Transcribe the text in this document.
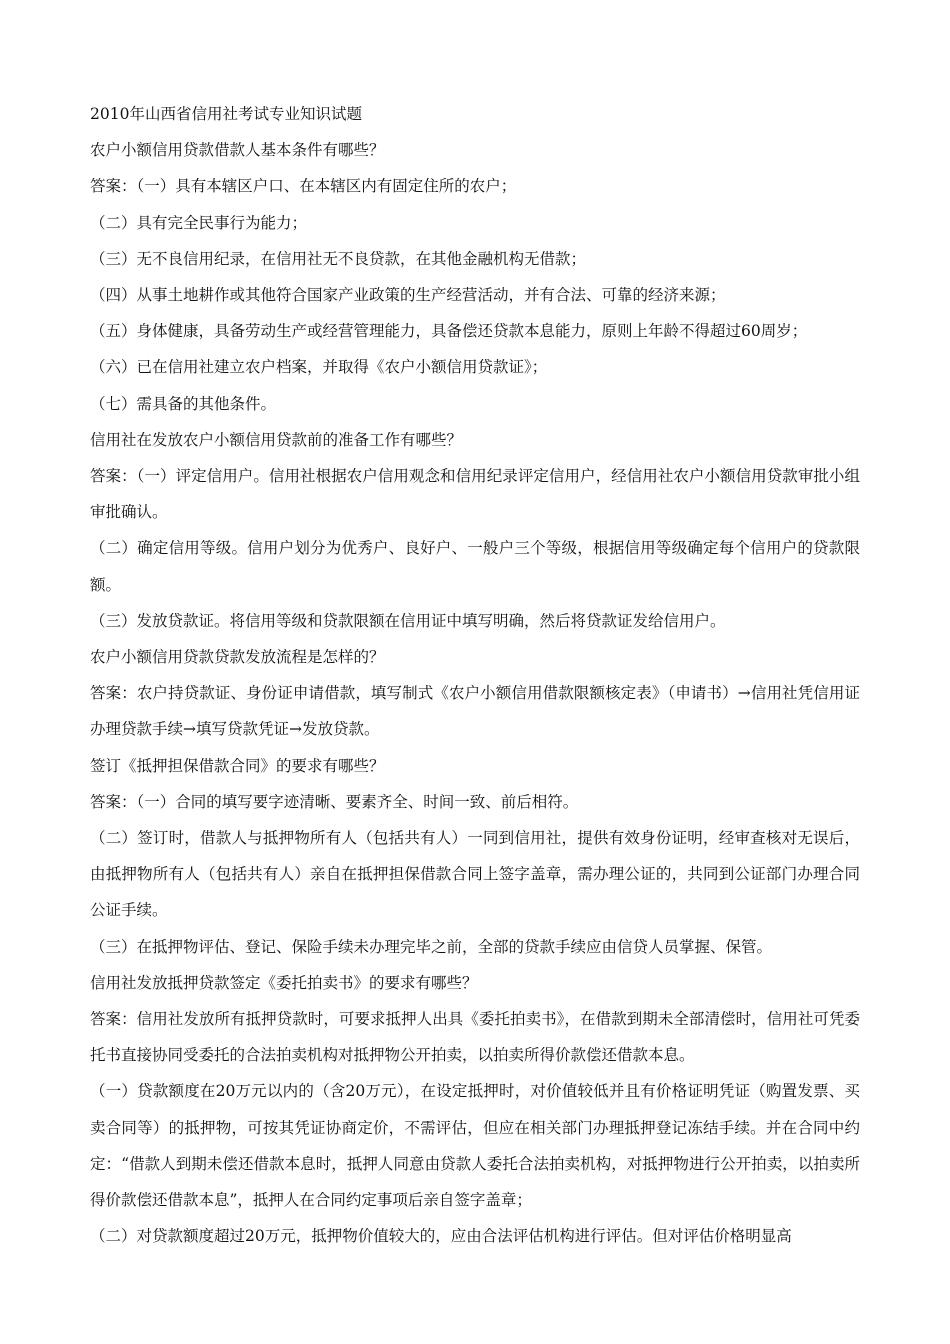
2010年山西省信用社考试专业知识试题

农户小额信用贷款借款人基本条件有哪些？

答案：（一）具有本辖区户口、在本辖区内有固定住所的农户；

（二）具有完全民事行为能力；

（三）无不良信用纪录，在信用社无不良贷款，在其他金融机构无借款；

（四）从事土地耕作或其他符合国家产业政策的生产经营活动，并有合法、可靠的经济来源；

（五）身体健康，具备劳动生产或经营管理能力，具备偿还贷款本息能力，原则上年龄不得超过60周岁；

（六）已在信用社建立农户档案，并取得《农户小额信用贷款证》；

（七）需具备的其他条件。

信用社在发放农户小额信用贷款前的准备工作有哪些？

答案：（一）评定信用户。信用社根据农户信用观念和信用纪录评定信用户，经信用社农户小额信用贷款审批小组审批确认。

（二）确定信用等级。信用户划分为优秀户、良好户、一般户三个等级，根据信用等级确定每个信用户的贷款限额。

（三）发放贷款证。将信用等级和贷款限额在信用证中填写明确，然后将贷款证发给信用户。

农户小额信用贷款贷款发放流程是怎样的？

答案：农户持贷款证、身份证申请借款，填写制式《农户小额信用借款限额核定表》（申请书）→信用社凭信用证办理贷款手续→填写贷款凭证→发放贷款。

签订《抵押担保借款合同》的要求有哪些？

答案：（一）合同的填写要字迹清晰、要素齐全、时间一致、前后相符。

（二）签订时，借款人与抵押物所有人（包括共有人）一同到信用社，提供有效身份证明，经审查核对无误后，由抵押物所有人（包括共有人）亲自在抵押担保借款合同上签字盖章，需办理公证的，共同到公证部门办理合同公证手续。

（三）在抵押物评估、登记、保险手续未办理完毕之前，全部的贷款手续应由信贷人员掌握、保管。

信用社发放抵押贷款签定《委托拍卖书》的要求有哪些？

答案：信用社发放所有抵押贷款时，可要求抵押人出具《委托拍卖书》，在借款到期未全部清偿时，信用社可凭委托书直接协同受委托的合法拍卖机构对抵押物公开拍卖，以拍卖所得价款偿还借款本息。

（一）贷款额度在20万元以内的（含20万元），在设定抵押时，对价值较低并且有价格证明凭证（购置发票、买卖合同等）的抵押物，可按其凭证协商定价，不需评估，但应在相关部门办理抵押登记冻结手续。并在合同中约定：“借款人到期未偿还借款本息时，抵押人同意由贷款人委托合法拍卖机构，对抵押物进行公开拍卖，以拍卖所得价款偿还借款本息”，抵押人在合同约定事项后亲自签字盖章；

（二）对贷款额度超过20万元，抵押物价值较大的，应由合法评估机构进行评估。但对评估价格明显高
